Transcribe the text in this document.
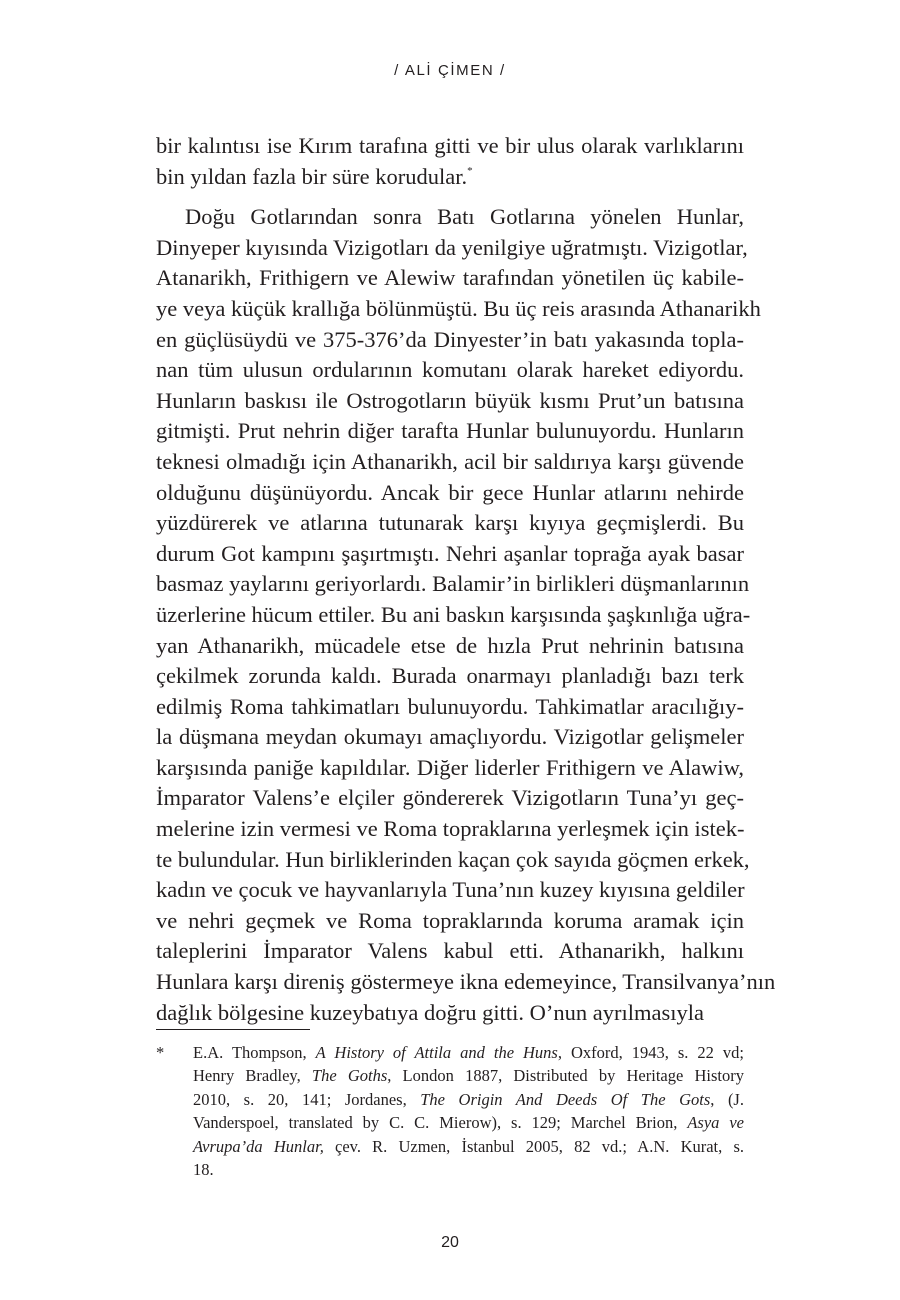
/ ALİ ÇİMEN /
bir kalıntısı ise Kırım tarafına gitti ve bir ulus olarak varlıklarını
bin yıldan fazla bir süre korudular.*
Doğu Gotlarından sonra Batı Gotlarına yönelen Hunlar,
Dinyeper kıyısında Vizigotları da yenilgiye uğratmıştı. Vizigotlar,
Atanarikh, Frithigern ve Alewiw tarafından yönetilen üç kabile-
ye veya küçük krallığa bölünmüştü. Bu üç reis arasında Athanarikh
en güçlüsüydü ve 375-376’da Dinyester’in batı yakasında topla-
nan tüm ulusun ordularının komutanı olarak hareket ediyordu.
Hunların baskısı ile Ostrogotların büyük kısmı Prut’un batısına
gitmişti. Prut nehrin diğer tarafta Hunlar bulunuyordu. Hunların
teknesi olmadığı için Athanarikh, acil bir saldırıya karşı güvende
olduğunu düşünüyordu. Ancak bir gece Hunlar atlarını nehirde
yüzdürerek ve atlarına tutunarak karşı kıyıya geçmişlerdi. Bu
durum Got kampını şaşırtmıştı. Nehri aşanlar toprağa ayak basar
basmaz yaylarını geriyorlardı. Balamir’in birlikleri düşmanlarının
üzerlerine hücum ettiler. Bu ani baskın karşısında şaşkınlığa uğra-
yan Athanarikh, mücadele etse de hızla Prut nehrinin batısına
çekilmek zorunda kaldı. Burada onarmayı planladığı bazı terk
edilmiş Roma tahkimatları bulunuyordu. Tahkimatlar aracılığıy-
la düşmana meydan okumayı amaçlıyordu. Vizigotlar gelişmeler
karşısında paniğe kapıldılar. Diğer liderler Frithigern ve Alawiw,
İmparator Valens’e elçiler göndererek Vizigotların Tuna’yı geç-
melerine izin vermesi ve Roma topraklarına yerleşmek için istek-
te bulundular. Hun birliklerinden kaçan çok sayıda göçmen erkek,
kadın ve çocuk ve hayvanlarıyla Tuna’nın kuzey kıyısına geldiler
ve nehri geçmek ve Roma topraklarında koruma aramak için
taleplerini İmparator Valens kabul etti. Athanarikh, halkını
Hunlara karşı direniş göstermeye ikna edemeyince, Transilvanya’nın
dağlık bölgesine kuzeybatıya doğru gitti. O’nun ayrılmasıyla
* E.A. Thompson, A History of Attila and the Huns, Oxford, 1943, s. 22 vd;
Henry Bradley, The Goths, London 1887, Distributed by Heritage History
2010, s. 20, 141; Jordanes, The Origin And Deeds Of The Gots, (J.
Vanderspoel, translated by C. C. Mierow), s. 129; Marchel Brion, Asya ve
Avrupa’da Hunlar, çev. R. Uzmen, İstanbul 2005, 82 vd.; A.N. Kurat, s.
18.
20
